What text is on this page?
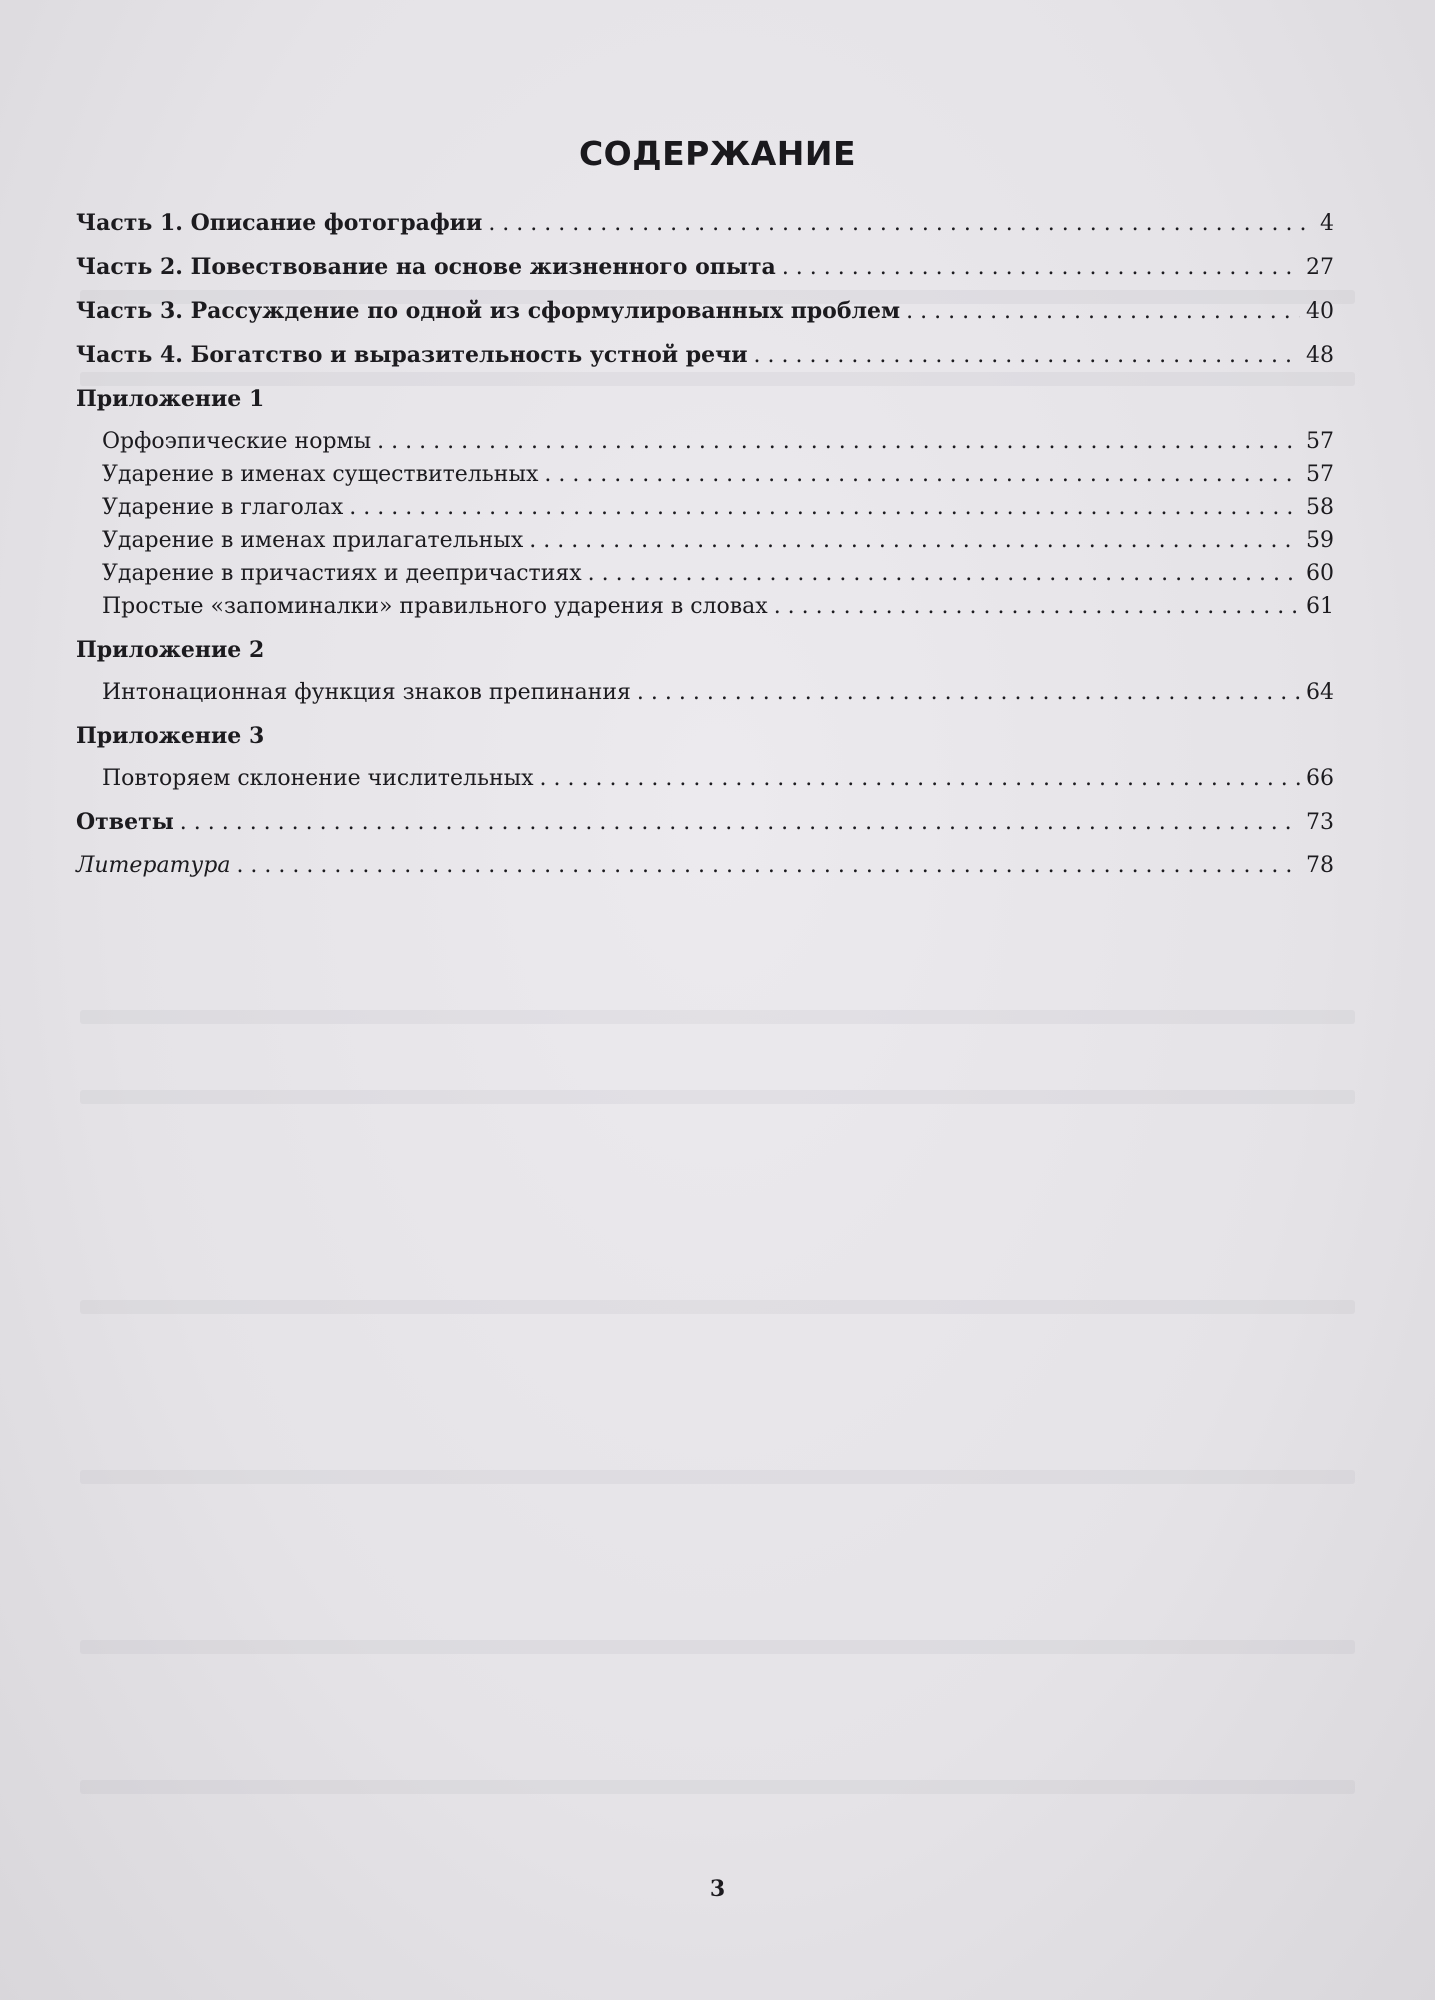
СОДЕРЖАНИЕ
Часть 1. Описание фотографии . . .	4
Часть 2. Повествование на основе жизненного опыта . . .	27
Часть 3. Рассуждение по одной из сформулированных проблем . . .	40
Часть 4. Богатство и выразительность устной речи . . .	48
Приложение 1
Орфоэпические нормы . . .	57
Ударение в именах существительных . . .	57
Ударение в глаголах . . .	58
Ударение в именах прилагательных . . .	59
Ударение в причастиях и деепричастиях . . .	60
Простые «запоминалки» правильного ударения в словах . . .	61
Приложение 2
Интонационная функция знаков препинания . . .	64
Приложение 3
Повторяем склонение числительных . . .	66
Ответы . . .	73
Литература . . .	78
3
